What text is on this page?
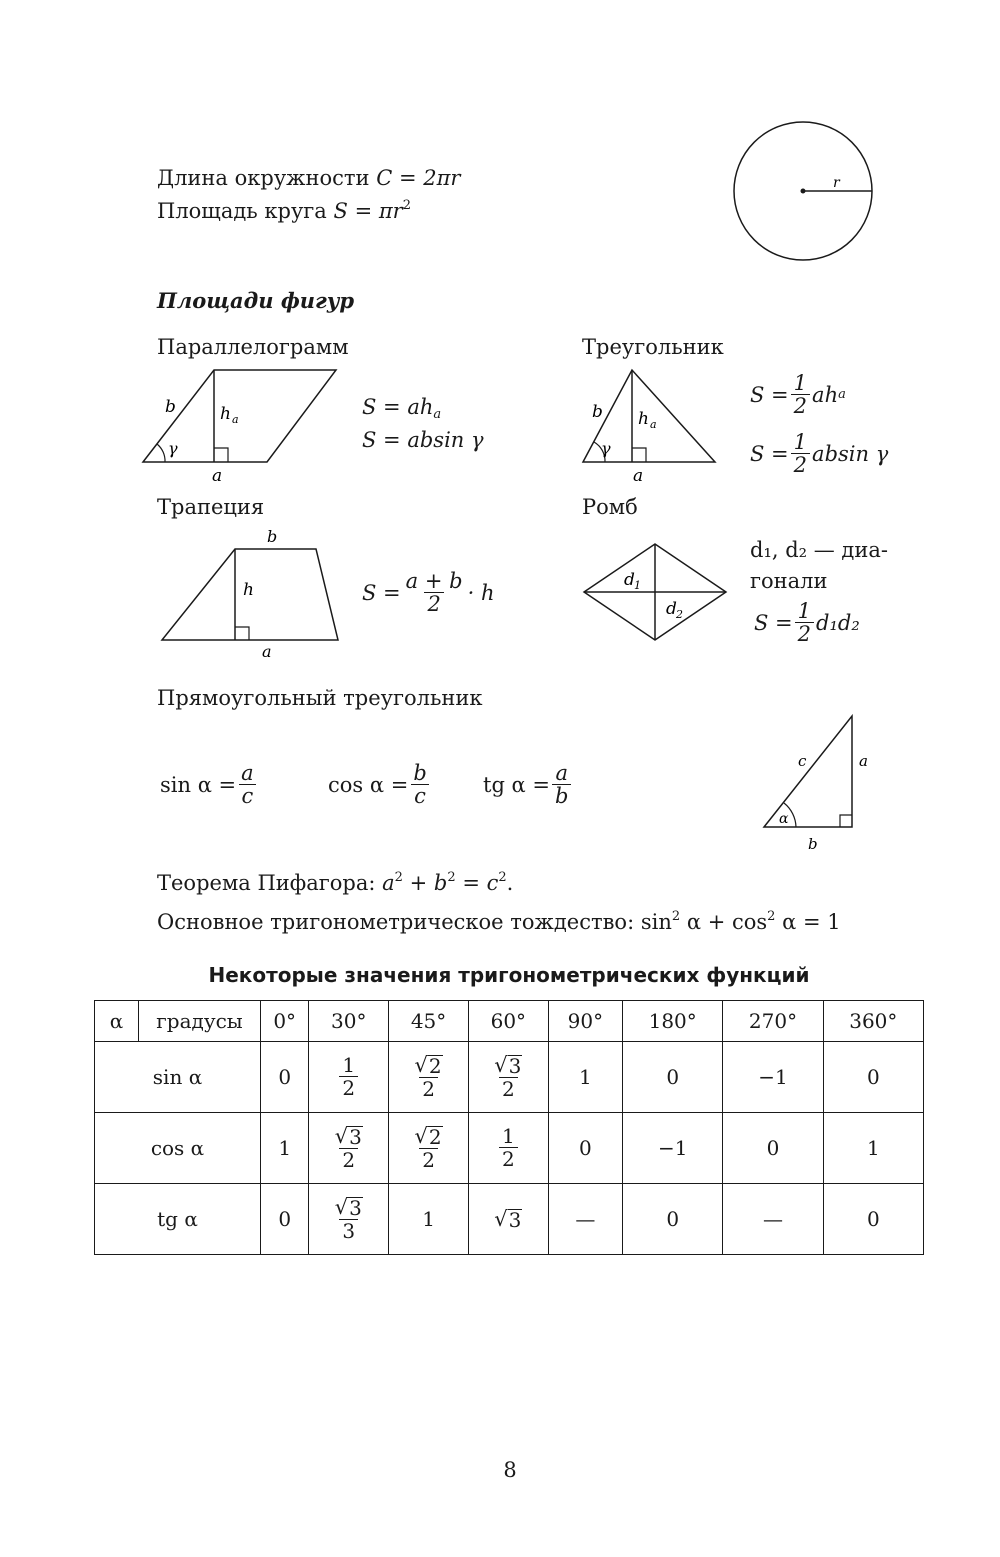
Длина окружности C = 2πr
Площадь круга $S = \pi r^2$
r
Площади фигур
Параллелограмм
b	h a
γ
a
$S = ah_a$
S = absin γ
Треугольник
b h a
γ
a
$S = \frac{1}{2}$ ah a
$S = \frac{1}{2}$ absin γ
Трапеция
b
h
a
$S = \frac{a + b}{2} \cdot h$
Ромб
d 1
d 2
d₁, d₂ — диа-
гонали
$S = \frac{1}{2} d_1d_2$
Прямоугольный треугольник
$\sin \alpha = \frac{a}{c}$	$\cos \alpha = \frac{b}{c}$	tg $\alpha = \frac{a}{b}$
c	a
α
b
Теорема Пифагора: $a^2 + b^2 = c^2$.
Основное тригонометрическое тождество: $\sin^2 \alpha + \cos^2 \alpha = 1$
Некоторые значения тригонометрических функций
α	градусы	0°	30°	45°	60°	90°	180°	270°	360°
sin α		0	$\frac{1}{2}$	$\frac{√ 2}{2}$	$\frac{√ 3}{2}$	1	0	−1	0
cos α		1	$\frac{√ 3}{2}$	$\frac{√ 2}{2}$	$\frac{1}{2}$	0	−1	0	1
tg α		0	$\frac{√ 3}{3}$	1	√ 3	—	0	—	0
8
